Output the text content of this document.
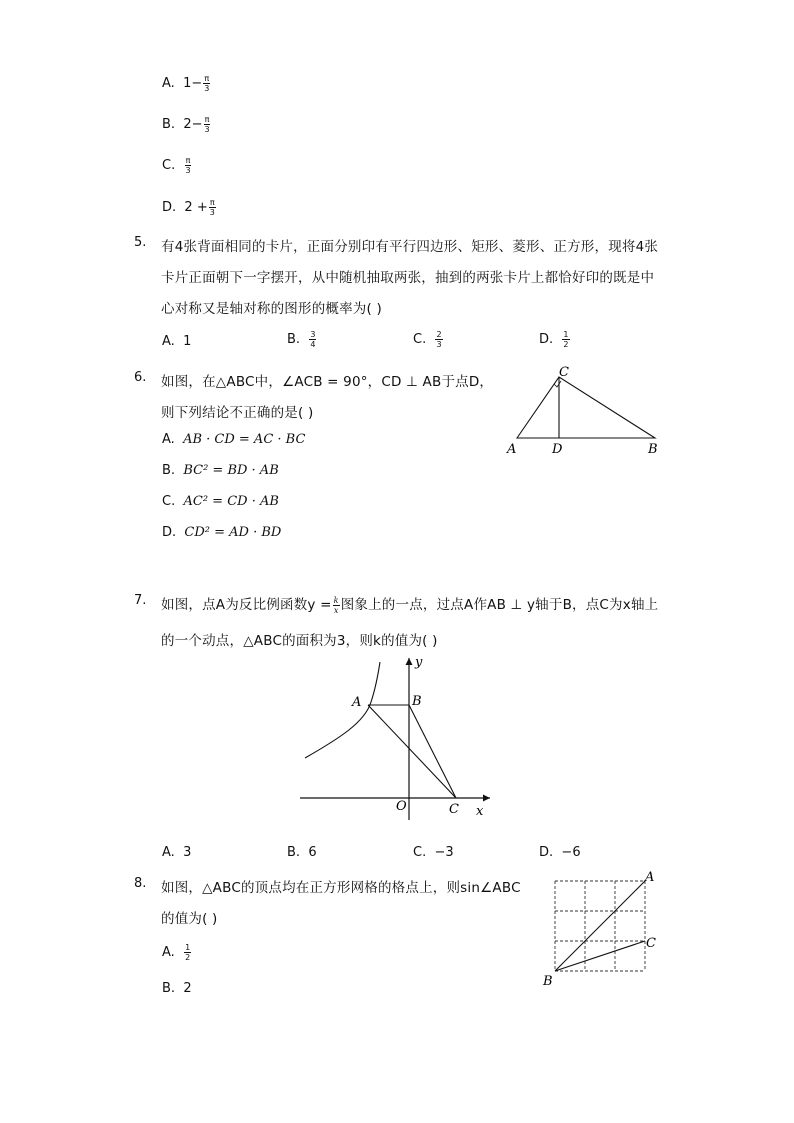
A. $1- \frac{\pi}{3}$
B. $2- \frac{\pi}{3}$
C. $\frac{\pi}{3}$
D. $2 + \frac{\pi}{3}$
5. 有4张背面相同的卡片，正面分别印有平行四边形、矩形、菱形、正方形，现将4张
卡片正面朝下一字摆开，从中随机抽取两张，抽到的两张卡片上都恰好印的既是中
心对称又是轴对称的图形的概率为( )
A. 1	B. $\frac{3}{4}$	C. $\frac{2}{3}$	D. $\frac{1}{2}$
6. 如图，在△ABC中，∠ACB = 90°，CD ⊥ AB于点D，
则下列结论不正确的是( )
A. AB · CD = AC · BC
B. BC² = BD · AB
C. AC² = CD · AB
D. CD² = AD · BD
A	D	B
C
7. 如图，点A为反比例函数$y = \frac{k}{x}$ 图象上的一点，过点A作AB ⊥ y轴于B，点C为x轴上
的一个动点，△ABC的面积为3，则k的值为( )
A	B
C
O	x
y
A. 3	B. 6	C. −3	D. −6
8. 如图，△ABC的顶点均在正方形网格的格点上，则sin∠ABC
的值为( )
A. $\frac{1}{2}$
B. 2
A
C
B
